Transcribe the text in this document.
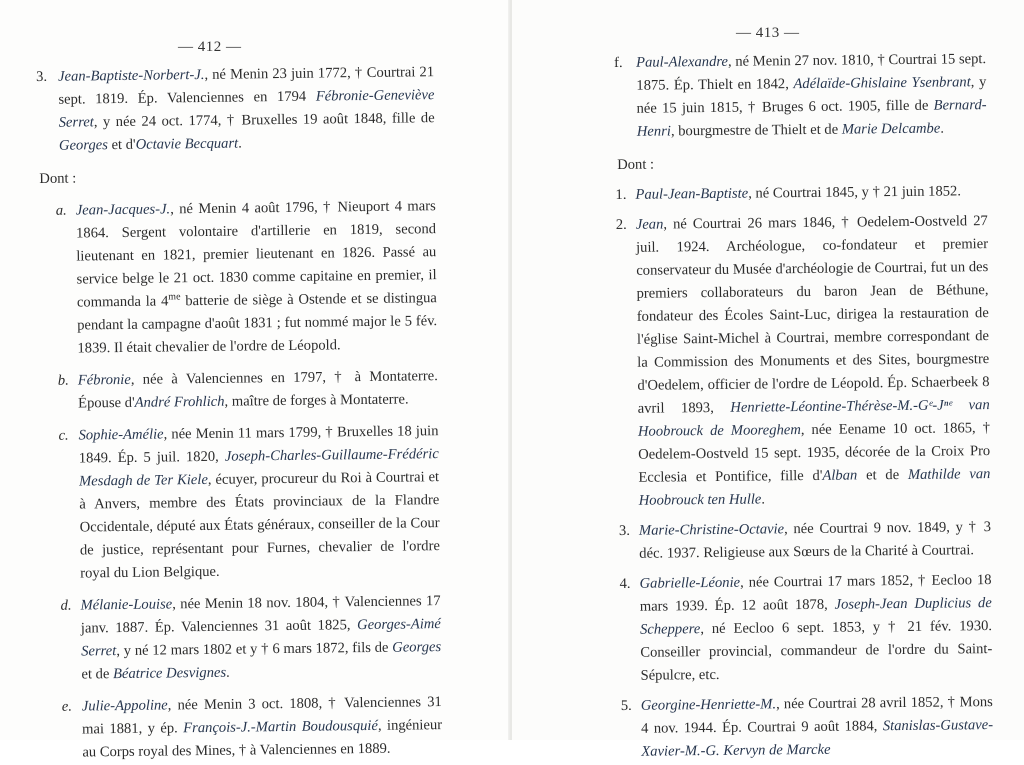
— 412 —
3. Jean-Baptiste-Norbert-J., né Menin 23 juin 1772, † Courtrai 21 sept. 1819. Ép. Valenciennes en 1794 Fébronie-Geneviève Serret, y née 24 oct. 1774, † Bruxelles 19 août 1848, fille de Georges et d'Octavie Becquart.
Dont :
a. Jean-Jacques-J., né Menin 4 août 1796, † Nieuport 4 mars 1864. Sergent volontaire d'artillerie en 1819, second lieutenant en 1821, premier lieutenant en 1826. Passé au service belge le 21 oct. 1830 comme capitaine en premier, il commanda la $4^{me}$ batterie de siège à Ostende et se distingua pendant la campagne d'août 1831 ; fut nommé major le 5 fév. 1839. Il était chevalier de l'ordre de Léopold.
b. Fébronie, née à Valenciennes en 1797, † à Montaterre. Épouse d'André Frohlich, maître de forges à Montaterre.
c. Sophie-Amélie, née Menin 11 mars 1799, † Bruxelles 18 juin 1849. Ép. 5 juil. 1820, Joseph-Charles-Guillaume-Frédéric Mesdagh de Ter Kiele, écuyer, procureur du Roi à Courtrai et à Anvers, membre des États provinciaux de la Flandre Occidentale, député aux États généraux, conseiller de la Cour de justice, représentant pour Furnes, chevalier de l'ordre royal du Lion Belgique.
d. Mélanie-Louise, née Menin 18 nov. 1804, † Valenciennes 17 janv. 1887. Ép. Valenciennes 31 août 1825, Georges-Aimé Serret, y né 12 mars 1802 et y † 6 mars 1872, fils de Georges et de Béatrice Desvignes.
e. Julie-Appoline, née Menin 3 oct. 1808, † Valenciennes 31 mai 1881, y ép. François-J.-Martin Boudousquié, ingénieur au Corps royal des Mines, † à Valenciennes en 1889.
— 413 —
f. Paul-Alexandre, né Menin 27 nov. 1810, † Courtrai 15 sept. 1875. Ép. Thielt en 1842, Adélaïde-Ghislaine Ysenbrant, y née 15 juin 1815, † Bruges 6 oct. 1905, fille de Bernard-Henri, bourgmestre de Thielt et de Marie Delcambe.
Dont :
1. Paul-Jean-Baptiste, né Courtrai 1845, y † 21 juin 1852.
2. Jean, né Courtrai 26 mars 1846, † Oedelem-Oostveld 27 juil. 1924. Archéologue, co-fondateur et premier conservateur du Musée d'archéologie de Courtrai, fut un des premiers collaborateurs du baron Jean de Béthune, fondateur des Écoles Saint-Luc, dirigea la restauration de l'église Saint-Michel à Courtrai, membre correspondant de la Commission des Monuments et des Sites, bourgmestre d'Oedelem, officier de l'ordre de Léopold. Ép. Schaerbeek 8 avril 1893, Henriette-Léontine-Thérèse-M.-Gᵉ-Jⁿᵉ van Hoobrouck de Mooreghem, née Eename 10 oct. 1865, † Oedelem-Oostveld 15 sept. 1935, décorée de la Croix Pro Ecclesia et Pontifice, fille d'Alban et de Mathilde van Hoobrouck ten Hulle.
3. Marie-Christine-Octavie, née Courtrai 9 nov. 1849, y † 3 déc. 1937. Religieuse aux Sœurs de la Charité à Courtrai.
4. Gabrielle-Léonie, née Courtrai 17 mars 1852, † Eecloo 18 mars 1939. Ép. 12 août 1878, Joseph-Jean Duplicius de Scheppere, né Eecloo 6 sept. 1853, y † 21 fév. 1930. Conseiller provincial, commandeur de l'ordre du Saint-Sépulcre, etc.
5. Georgine-Henriette-M., née Courtrai 28 avril 1852, † Mons 4 nov. 1944. Ép. Courtrai 9 août 1884, Stanislas-Gustave-Xavier-M.-G. Kervyn de Marcke
